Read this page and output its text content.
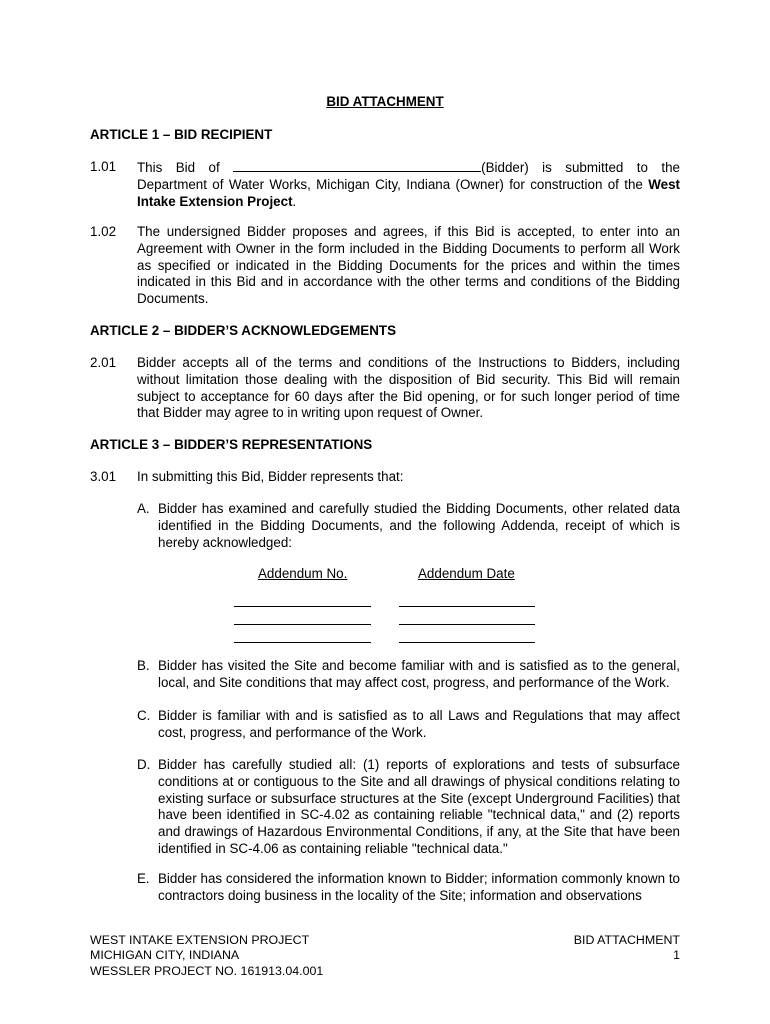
BID ATTACHMENT
ARTICLE 1 – BID RECIPIENT
1.01 This Bid of	(Bidder) is submitted to the Department of Water Works, Michigan City, Indiana (Owner) for construction of the West Intake Extension Project.
1.02 The undersigned Bidder proposes and agrees, if this Bid is accepted, to enter into an Agreement with Owner in the form included in the Bidding Documents to perform all Work as specified or indicated in the Bidding Documents for the prices and within the times indicated in this Bid and in accordance with the other terms and conditions of the Bidding Documents.
ARTICLE 2 – BIDDER’S ACKNOWLEDGEMENTS
2.01 Bidder accepts all of the terms and conditions of the Instructions to Bidders, including without limitation those dealing with the disposition of Bid security. This Bid will remain subject to acceptance for 60 days after the Bid opening, or for such longer period of time that Bidder may agree to in writing upon request of Owner.
ARTICLE 3 – BIDDER’S REPRESENTATIONS
3.01 In submitting this Bid, Bidder represents that:
A. Bidder has examined and carefully studied the Bidding Documents, other related data identified in the Bidding Documents, and the following Addenda, receipt of which is hereby acknowledged:
Addendum No.	Addendum Date
B. Bidder has visited the Site and become familiar with and is satisfied as to the general, local, and Site conditions that may affect cost, progress, and performance of the Work.
C. Bidder is familiar with and is satisfied as to all Laws and Regulations that may affect cost, progress, and performance of the Work.
D. Bidder has carefully studied all: (1) reports of explorations and tests of subsurface conditions at or contiguous to the Site and all drawings of physical conditions relating to existing surface or subsurface structures at the Site (except Underground Facilities) that have been identified in SC-4.02 as containing reliable "technical data," and (2) reports and drawings of Hazardous Environmental Conditions, if any, at the Site that have been identified in SC-4.06 as containing reliable "technical data."
E. Bidder has considered the information known to Bidder; information commonly known to contractors doing business in the locality of the Site; information and observations
WEST INTAKE EXTENSION PROJECT
MICHIGAN CITY, INDIANA
WESSLER PROJECT NO. 161913.04.001
BID ATTACHMENT
1
